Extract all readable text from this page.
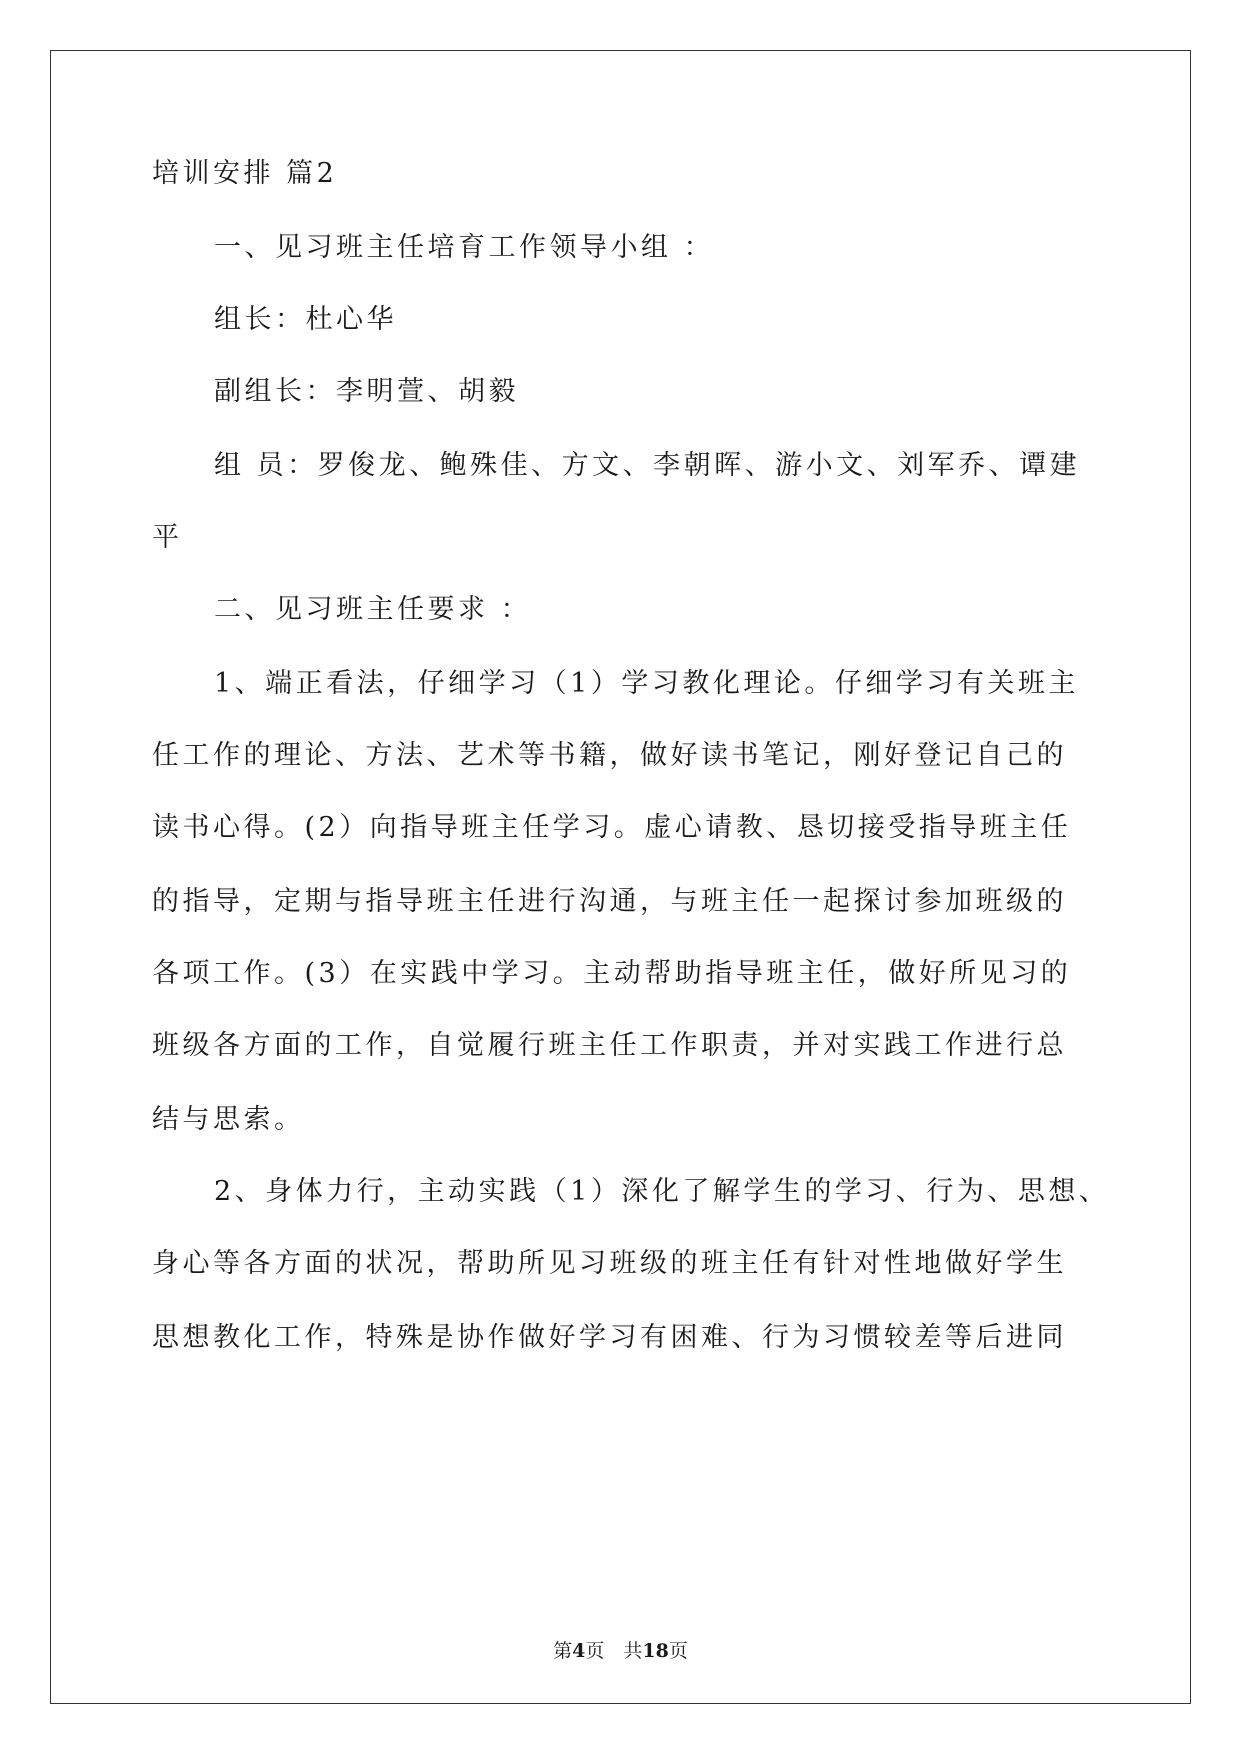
培训安排 篇2
一、见习班主任培育工作领导小组 ：
组长：杜心华
副组长：李明萱、胡毅
组 员：罗俊龙、鲍殊佳、方文、李朝晖、游小文、刘军乔、谭建
平
二、见习班主任要求 ：
1、端正看法，仔细学习（1）学习教化理论。仔细学习有关班主
任工作的理论、方法、艺术等书籍，做好读书笔记，刚好登记自己的
读书心得。(2）向指导班主任学习。虚心请教、恳切接受指导班主任
的指导，定期与指导班主任进行沟通，与班主任一起探讨参加班级的
各项工作。(3）在实践中学习。主动帮助指导班主任，做好所见习的
班级各方面的工作，自觉履行班主任工作职责，并对实践工作进行总
结与思索。
2、身体力行，主动实践（1）深化了解学生的学习、行为、思想、
身心等各方面的状况，帮助所见习班级的班主任有针对性地做好学生
思想教化工作，特殊是协作做好学习有困难、行为习惯较差等后进同
第4页　共18页
